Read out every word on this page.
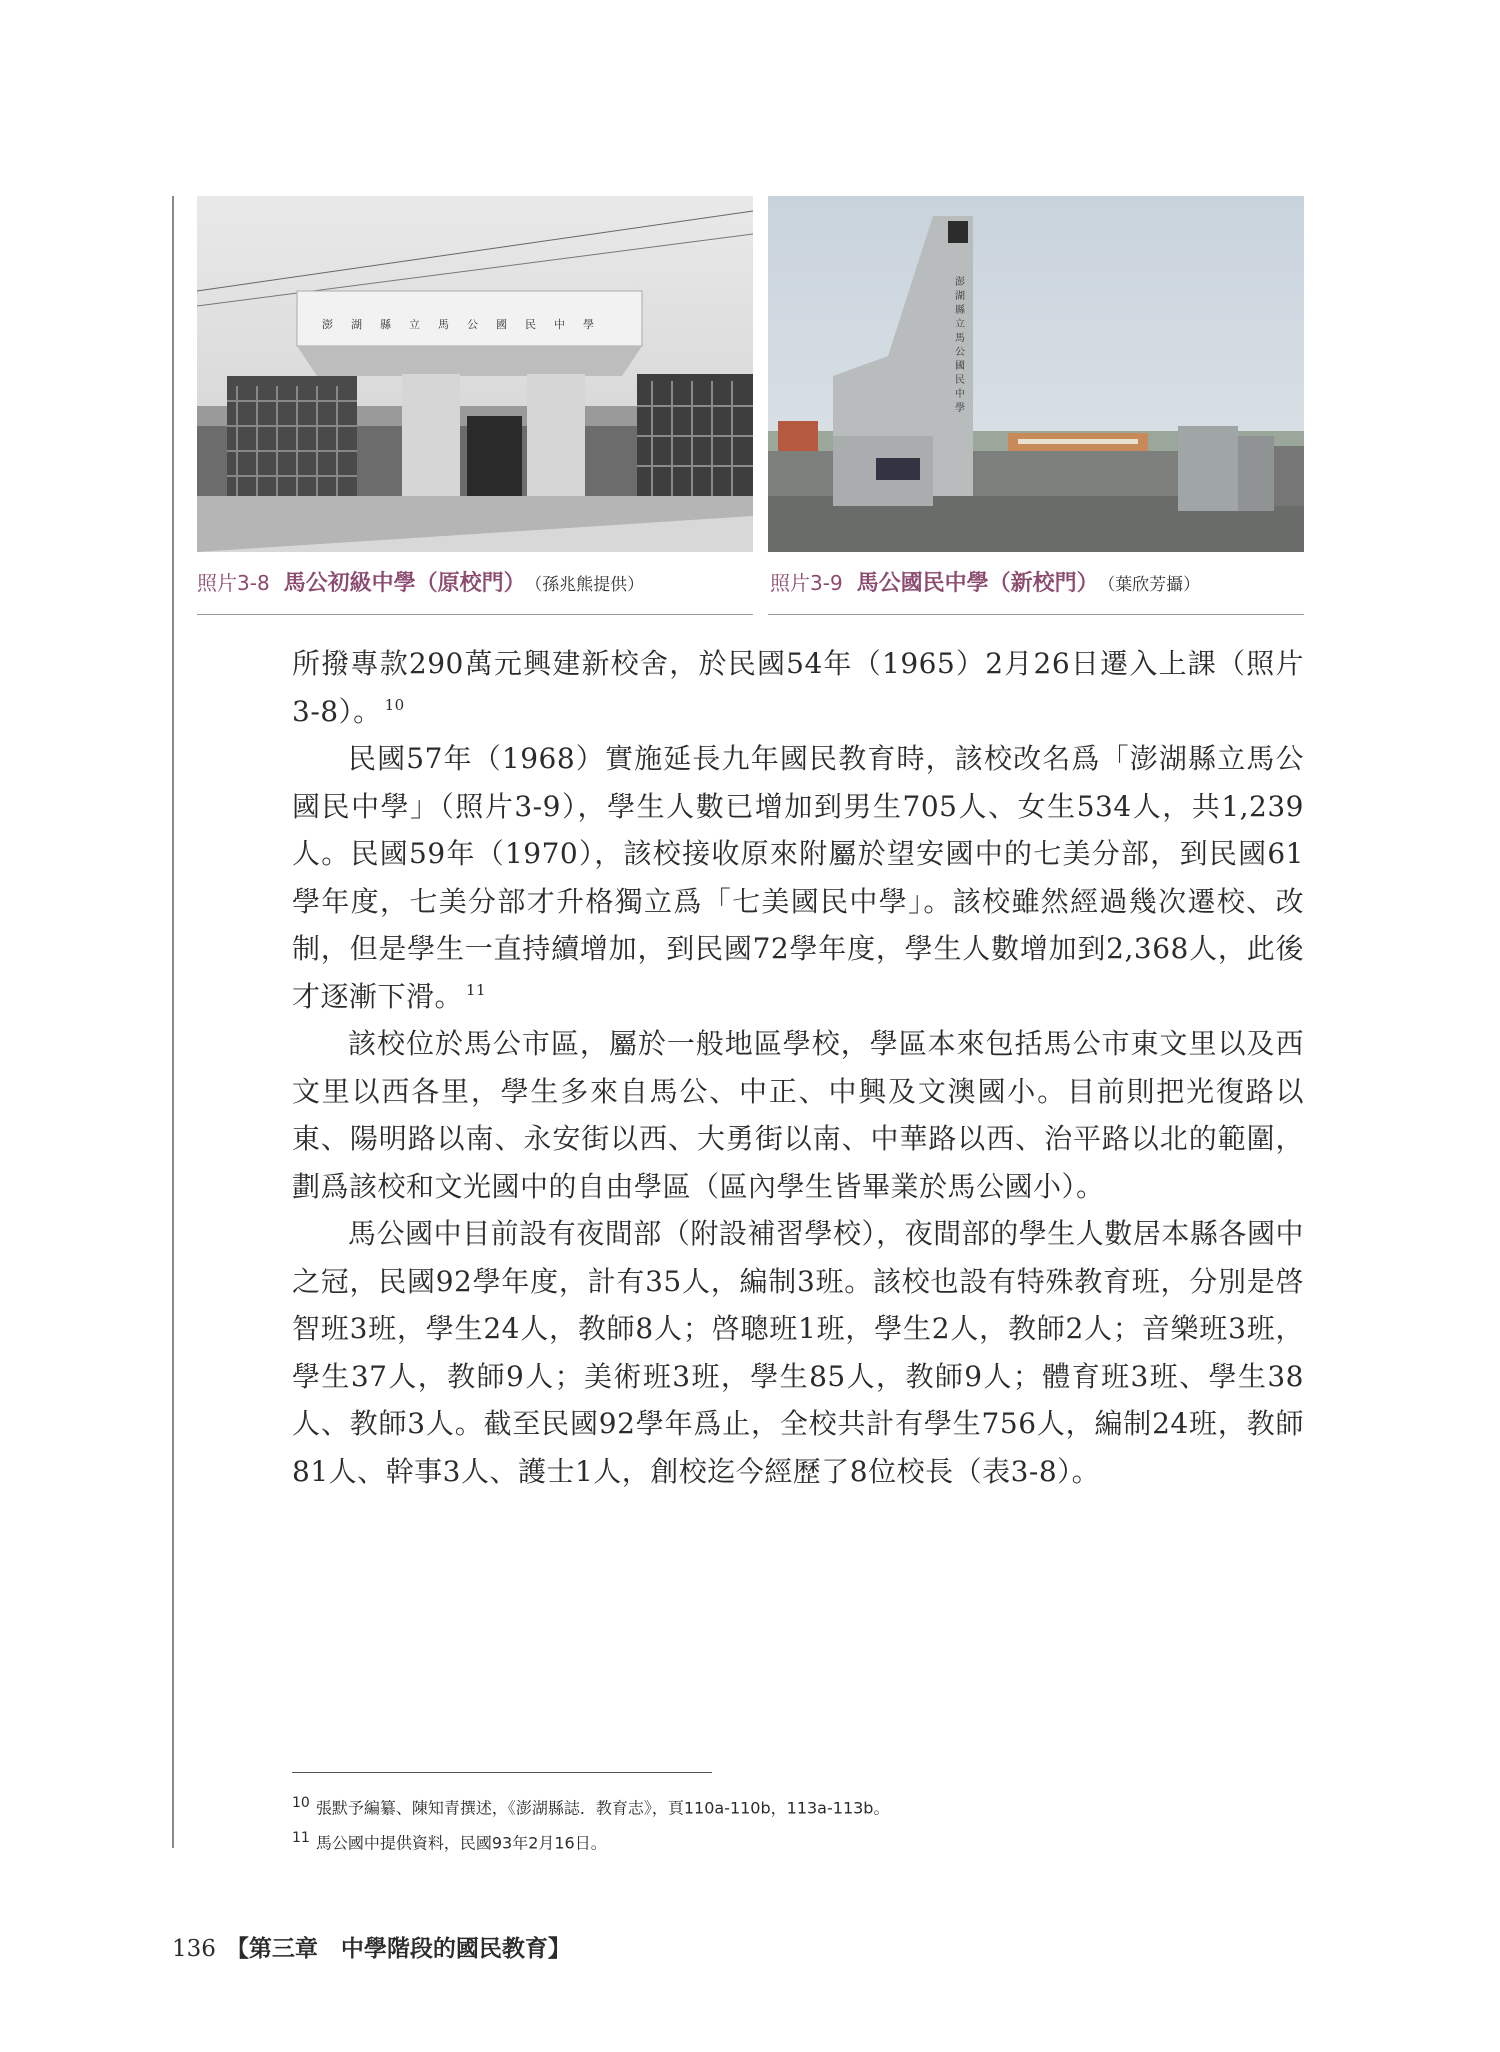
澎湖縣立馬公國民中學	澎湖縣立馬公國民中學
照片3-8 馬公初級中學（原校門） （孫兆熊提供）	照片3-9 馬公國民中學（新校門） （葉欣芳攝）

所撥專款290萬元興建新校舍，於民國54年（1965）2月26日遷入上課（照片3-8）。 $^{10}$

民國57年（1968）實施延長九年國民教育時，該校改名爲「澎湖縣立馬公國民中學」（照片3-9），學生人數已增加到男生705人、女生534人，共1,239人。民國59年（1970），該校接收原來附屬於望安國中的七美分部，到民國61學年度，七美分部才升格獨立爲「七美國民中學」。該校雖然經過幾次遷校、改制，但是學生一直持續增加，到民國72學年度，學生人數增加到2,368人，此後才逐漸下滑。 $^{11}$

該校位於馬公市區，屬於一般地區學校，學區本來包括馬公市東文里以及西文里以西各里，學生多來自馬公、中正、中興及文澳國小。目前則把光復路以東、陽明路以南、永安街以西、大勇街以南、中華路以西、治平路以北的範圍，劃爲該校和文光國中的自由學區（區內學生皆畢業於馬公國小）。

馬公國中目前設有夜間部（附設補習學校），夜間部的學生人數居本縣各國中之冠，民國92學年度，計有35人，編制3班。該校也設有特殊教育班，分別是啓智班3班，學生24人，教師8人；啓聰班1班，學生2人，教師2人；音樂班3班，學生37人，教師9人；美術班3班，學生85人，教師9人；體育班3班、學生38人、教師3人。截至民國92學年爲止，全校共計有學生756人，編制24班，教師81人、幹事3人、護士1人，創校迄今經歷了8位校長（表3-8）。

10 張默予編纂、陳知青撰述，《澎湖縣誌．教育志》，頁110a-110b，113a-113b。
11 馬公國中提供資料，民國93年2月16日。
136 【第三章　中學階段的國民教育】
